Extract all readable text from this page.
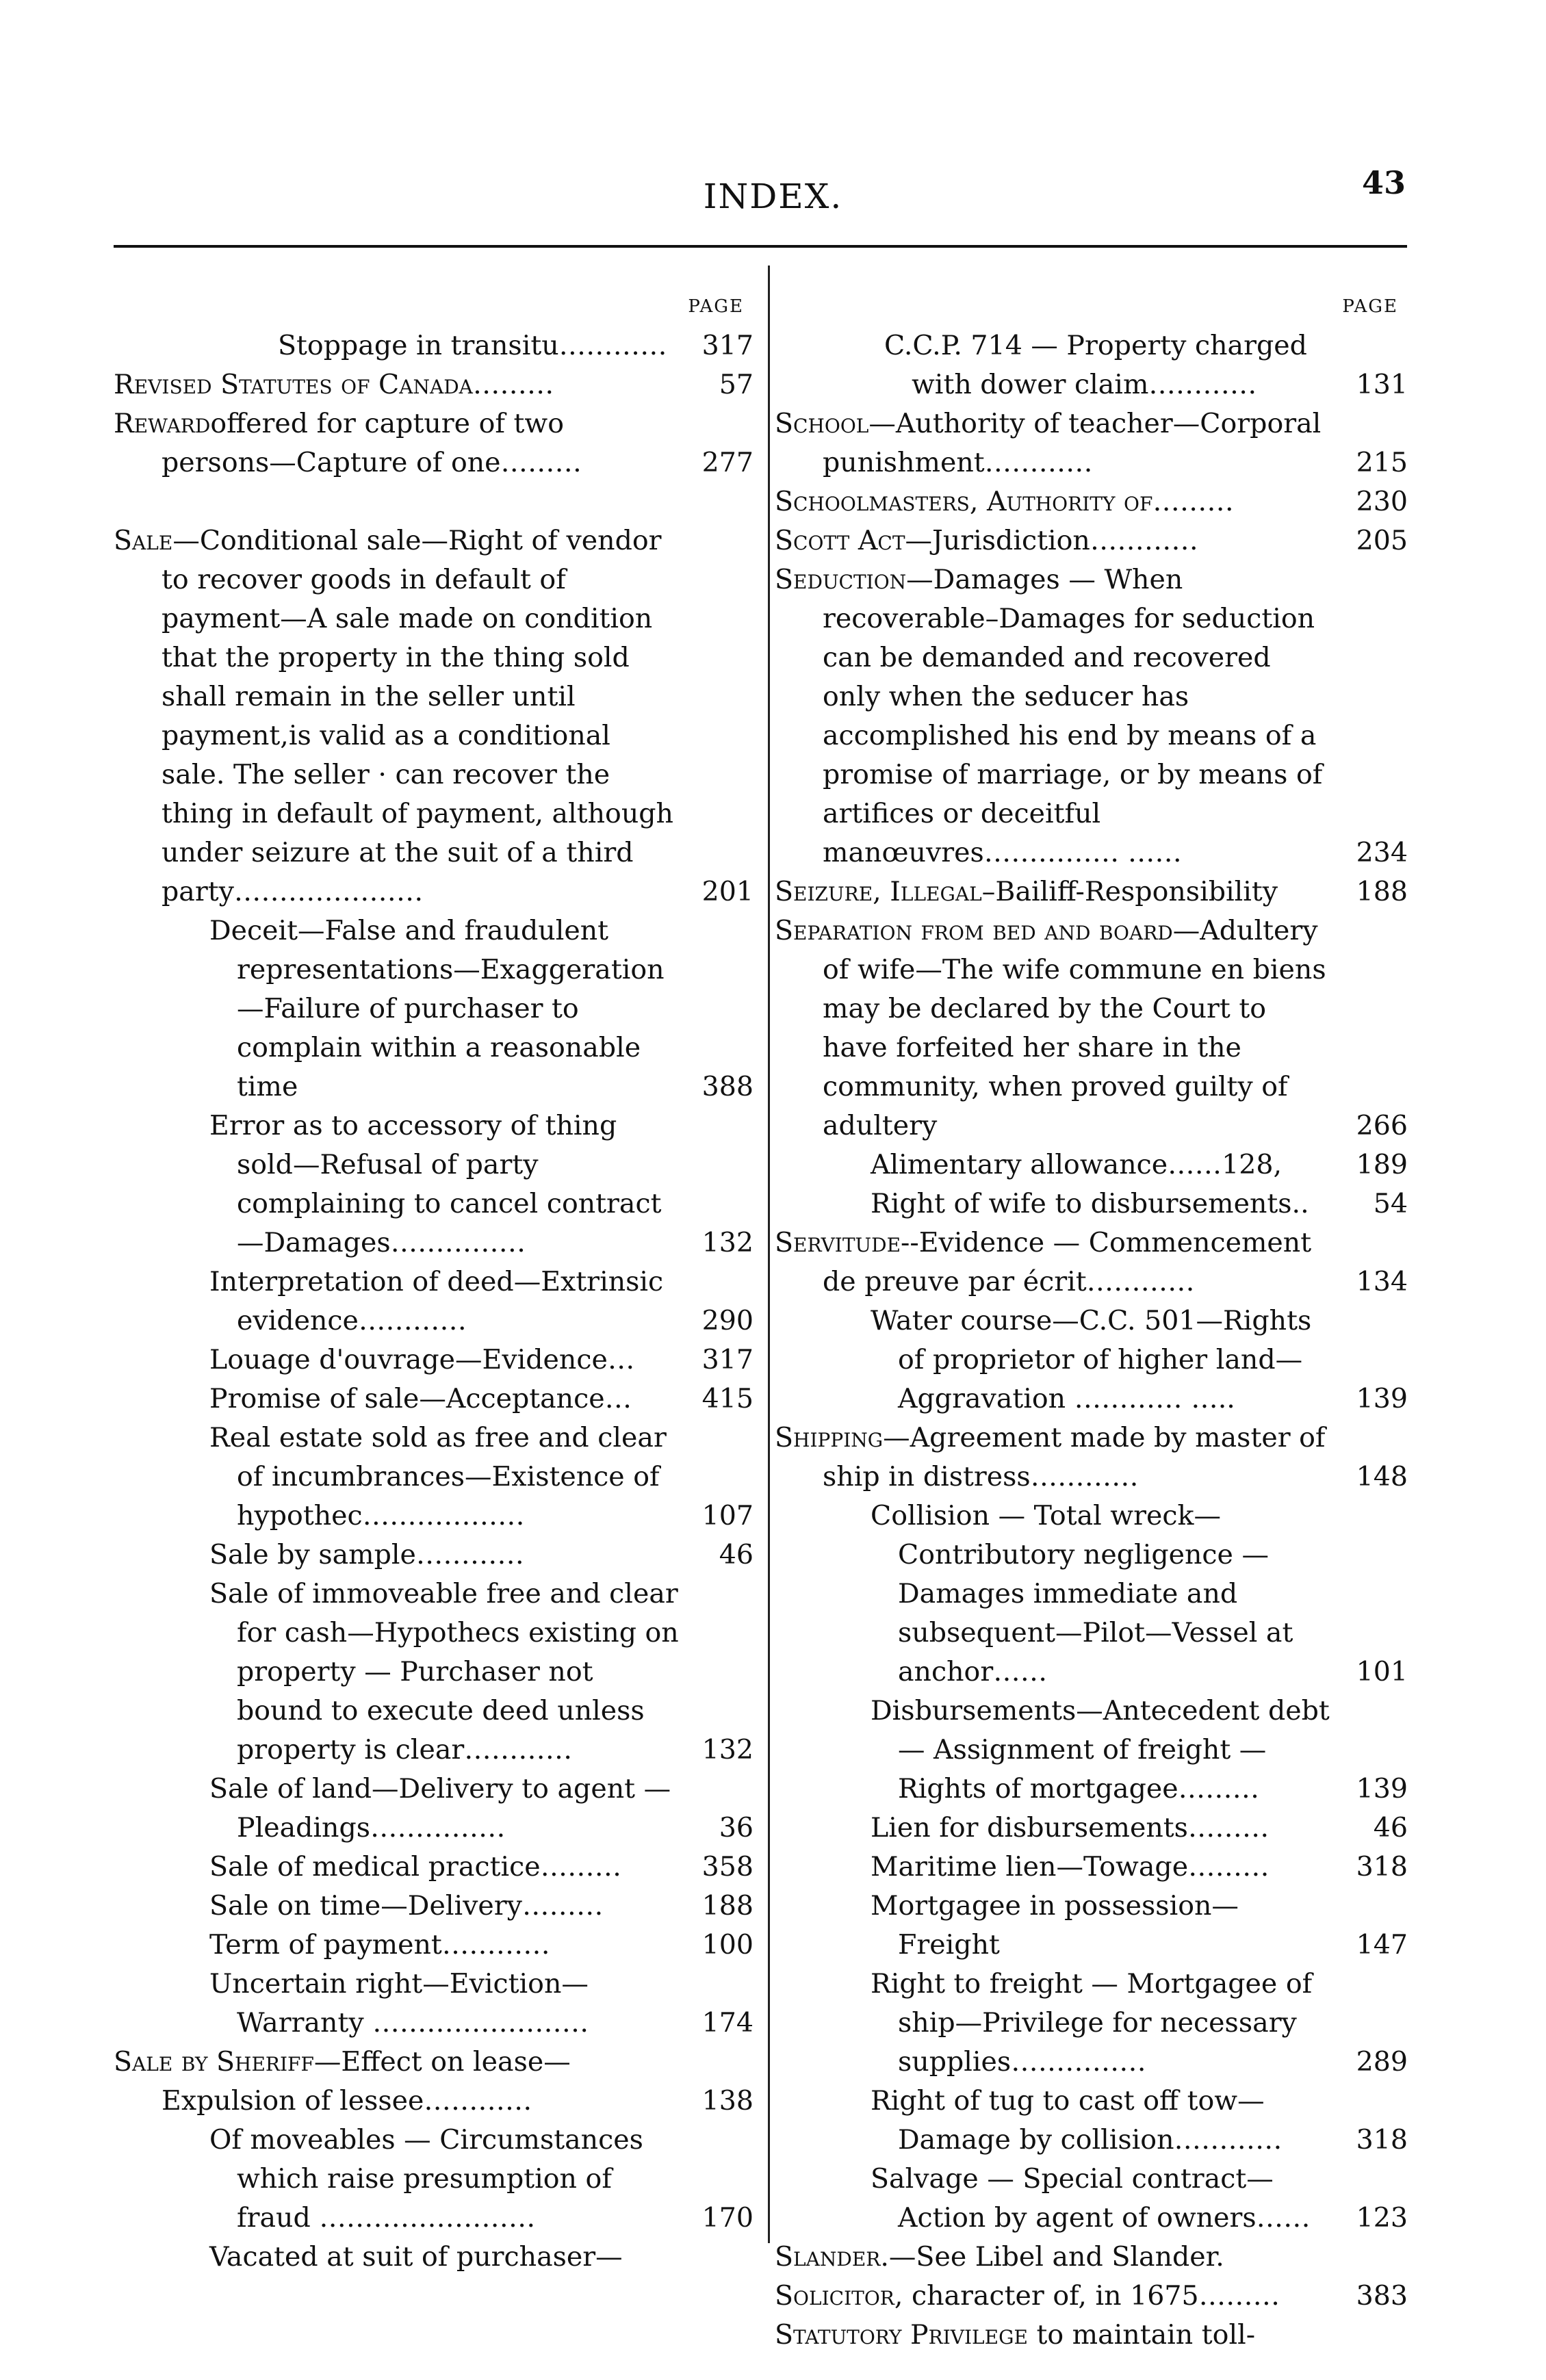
INDEX.	43
PAGE
Stoppage in transitu…………	317
Revised Statutes of Canada………	57
Rewardoffered for capture of two persons—Capture of one………	277
Sale—Conditional sale—Right of vendor to recover goods in default of payment—A sale made on condition that the property in the thing sold shall remain in the seller until payment,is valid as a conditional sale. The seller · can recover the thing in default of payment, although under seizure at the suit of a third party…………………	201
Deceit—False and fraudulent representations—Exaggeration—Failure of purchaser to complain within a reasonable time	388
Error as to accessory of thing sold—Refusal of party complaining to cancel contract—Damages……………	132
Interpretation of deed—Extrinsic evidence…………	290
Louage d'ouvrage—Evidence…	317
Promise of sale—Acceptance…	415
Real estate sold as free and clear of incumbrances—Existence of hypothec………………	107
Sale by sample…………	46
Sale of immoveable free and clear for cash—Hypothecs existing on property — Purchaser not bound to execute deed unless property is clear…………	132
Sale of land—Delivery to agent —Pleadings……………	36
Sale of medical practice………	358
Sale on time—Delivery………	188
Term of payment…………	100
Uncertain right—Eviction—Warranty ……………………	174
Sale by Sheriff—Effect on lease—Expulsion of lessee…………	138
Of moveables — Circumstances which raise presumption of fraud ……………………	170
Vacated at suit of purchaser—
PAGE
C.C.P. 714 — Property charged with dower claim…………	131
School—Authority of teacher—Corporal punishment…………	215
Schoolmasters, Authority of………	230
Scott Act—Jurisdiction…………	205
Seduction—Damages — When recoverable–Damages for seduction can be demanded and recovered only when the seducer has accomplished his end by means of a promise of marriage, or by means of artifices or deceitful manœuvres…………… ……	234
Seizure, Illegal–Bailiff-Responsibility	188
Separation from bed and board—Adultery of wife—The wife commune en biens may be declared by the Court to have forfeited her share in the community, when proved guilty of adultery	266
Alimentary allowance……128,	189
Right of wife to disbursements..	54
Servitude--Evidence — Commencement de preuve par écrit…………	134
Water course—C.C. 501—Rights of proprietor of higher land—Aggravation ………… …..	139
Shipping—Agreement made by master of ship in distress…………	148
Collision — Total wreck—Contributory negligence — Damages immediate and subsequent—Pilot—Vessel at anchor……	101
Disbursements—Antecedent debt — Assignment of freight — Rights of mortgagee………	139
Lien for disbursements………	46
Maritime lien—Towage………	318
Mortgagee in possession—Freight	147
Right to freight — Mortgagee of ship—Privilege for necessary supplies……………	289
Right of tug to cast off tow—Damage by collision…………	318
Salvage — Special contract—Action by agent of owners……	123
Slander.—See Libel and Slander.
Solicitor, character of, in 1675………	383
Statutory Privilege to maintain toll-
